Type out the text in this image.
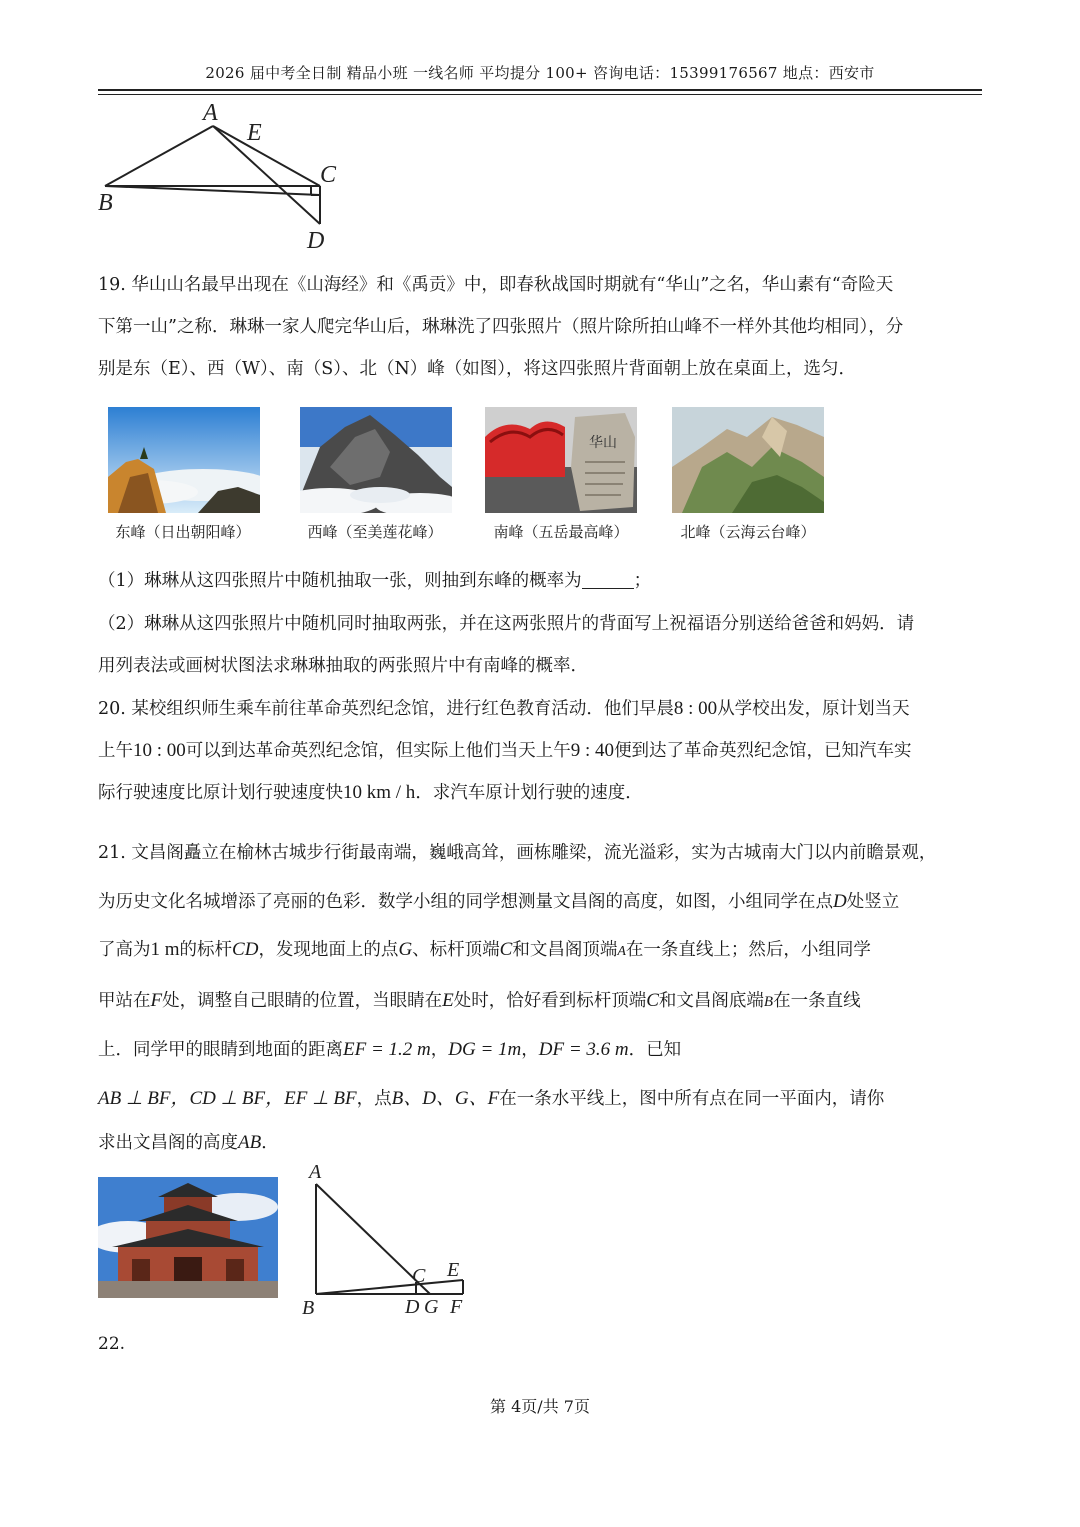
2026 届中考全日制 精品小班 一线名师 平均提分 100+ 咨询电话：15399176567 地点：西安市
A
E
B
C
D
19. 华山山名最早出现在《山海经》和《禹贡》中，即春秋战国时期就有“华山”之名，华山素有“奇险天
下第一山”之称．琳琳一家人爬完华山后，琳琳洗了四张照片（照片除所拍山峰不一样外其他均相同），分
别是东（E）、西（W）、南（S）、北（N）峰（如图），将这四张照片背面朝上放在桌面上，选匀．
华山
东峰（日出朝阳峰）	西峰（至美莲花峰）	南峰（五岳最高峰）	北峰（云海云台峰）
（1）琳琳从这四张照片中随机抽取一张，则抽到东峰的概率为	；
（2）琳琳从这四张照片中随机同时抽取两张，并在这两张照片的背面写上祝福语分别送给爸爸和妈妈．请
用列表法或画树状图法求琳琳抽取的两张照片中有南峰的概率．
20. 某校组织师生乘车前往革命英烈纪念馆，进行红色教育活动．他们早晨8 : 00从学校出发，原计划当天
上午10 : 00可以到达革命英烈纪念馆，但实际上他们当天上午9 : 40便到达了革命英烈纪念馆，已知汽车实
际行驶速度比原计划行驶速度快10 km / h．求汽车原计划行驶的速度．
21. 文昌阁矗立在榆林古城步行街最南端，巍峨高耸，画栋雕梁，流光溢彩，实为古城南大门以内前瞻景观，
为历史文化名城增添了亮丽的色彩．数学小组的同学想测量文昌阁的高度，如图，小组同学在点D处竖立
了高为1 m的标杆CD，发现地面上的点G、标杆顶端C和文昌阁顶端A在一条直线上；然后，小组同学
甲站在F处，调整自己眼睛的位置，当眼睛在E处时，恰好看到标杆顶端C和文昌阁底端B在一条直线
上．同学甲的眼睛到地面的距离EF = 1.2 m，DG = 1m，DF = 3.6 m．已知
AB ⊥ BF，CD ⊥ BF，EF ⊥ BF，点B、D、G、F在一条水平线上，图中所有点在同一平面内，请你
求出文昌阁的高度AB．
A
B
C
D G
E
F
22.
第 4页/共 7页
